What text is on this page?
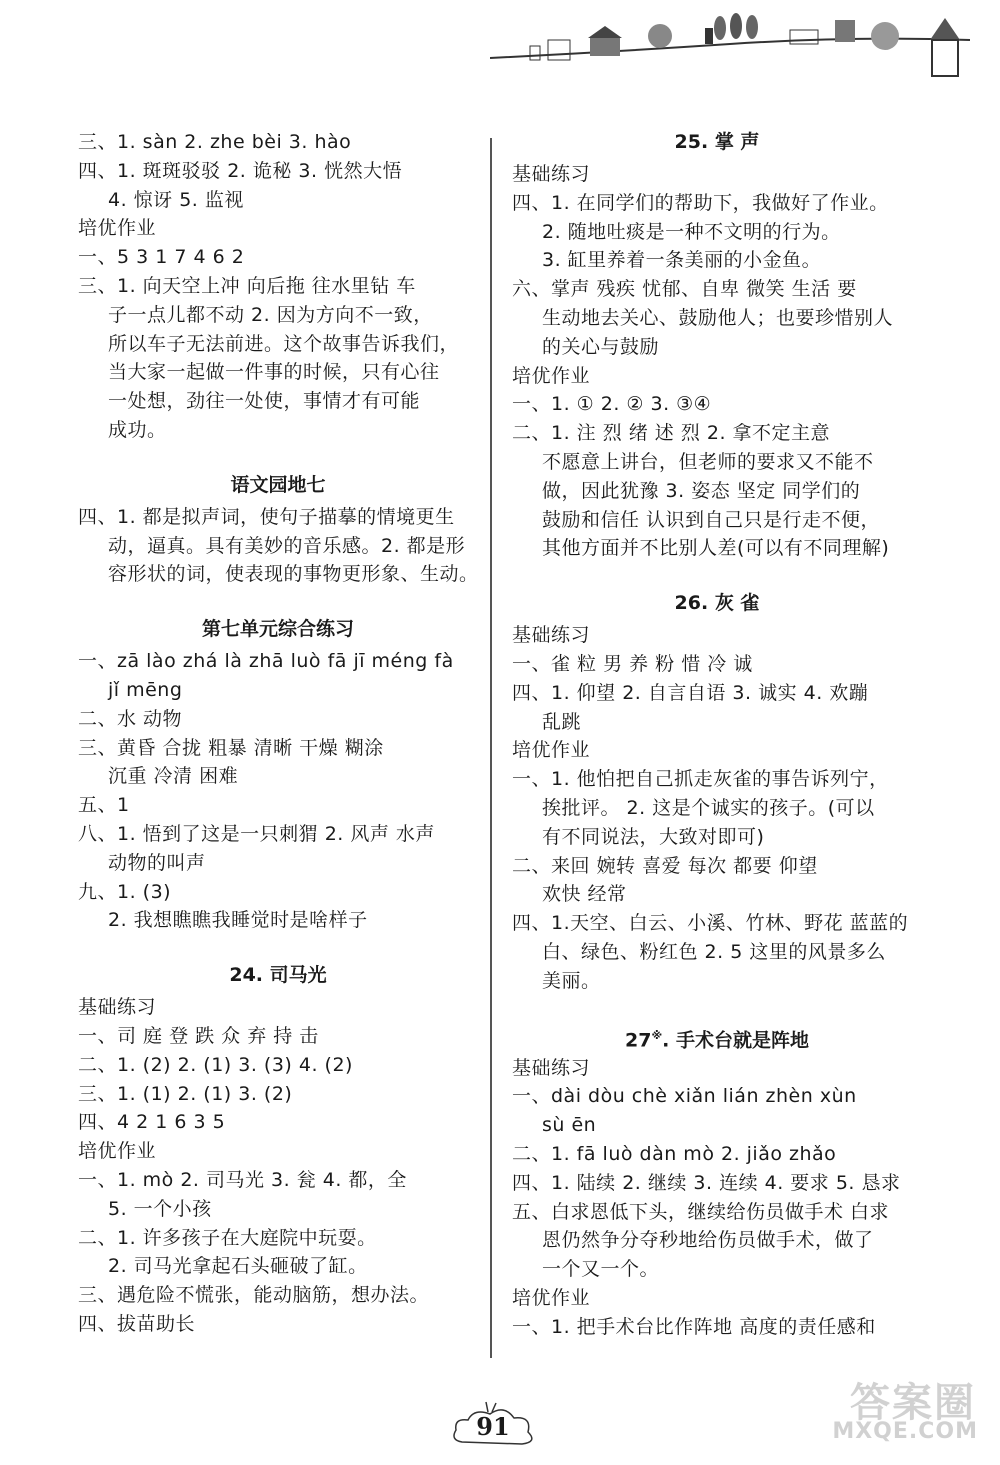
三、1. sàn 2. zhe bèi 3. hào
四、1. 斑斑驳驳 2. 诡秘 3. 恍然大悟
4. 惊讶 5. 监视
培优作业
一、5 3 1 7 4 6 2
三、1. 向天空上冲 向后拖 往水里钻 车
子一点儿都不动 2. 因为方向不一致，
所以车子无法前进。这个故事告诉我们，
当大家一起做一件事的时候，只有心往
一处想，劲往一处使，事情才有可能
成功。
语文园地七
四、1. 都是拟声词，使句子描摹的情境更生
动，逼真。具有美妙的音乐感。2. 都是形
容形状的词，使表现的事物更形象、生动。
第七单元综合练习
一、zā lào zhá là zhā luò fā jī méng fà
jǐ mēng
二、水 动物
三、黄昏 合拢 粗暴 清晰 干燥 糊涂
沉重 冷清 困难
五、1
八、1. 悟到了这是一只刺猬 2. 风声 水声
动物的叫声
九、1. (3)
2. 我想瞧瞧我睡觉时是啥样子
24. 司马光
基础练习
一、司 庭 登 跌 众 弃 持 击
二、1. (2) 2. (1) 3. (3) 4. (2)
三、1. (1) 2. (1) 3. (2)
四、4 2 1 6 3 5
培优作业
一、1. mò 2. 司马光 3. 瓮 4. 都，全
5. 一个小孩
二、1. 许多孩子在大庭院中玩耍。
2. 司马光拿起石头砸破了缸。
三、遇危险不慌张，能动脑筋，想办法。
四、拔苗助长
25. 掌 声
基础练习
四、1. 在同学们的帮助下，我做好了作业。
2. 随地吐痰是一种不文明的行为。
3. 缸里养着一条美丽的小金鱼。
六、掌声 残疾 忧郁、自卑 微笑 生活 要
生动地去关心、鼓励他人；也要珍惜别人
的关心与鼓励
培优作业
一、1. ① 2. ② 3. ③④
二、1. 注 烈 绪 述 烈 2. 拿不定主意
不愿意上讲台，但老师的要求又不能不
做，因此犹豫 3. 姿态 坚定 同学们的
鼓励和信任 认识到自己只是行走不便，
其他方面并不比别人差(可以有不同理解)
26. 灰 雀
基础练习
一、雀 粒 男 养 粉 惜 冷 诚
四、1. 仰望 2. 自言自语 3. 诚实 4. 欢蹦
乱跳
培优作业
一、1. 他怕把自己抓走灰雀的事告诉列宁，
挨批评。 2. 这是个诚实的孩子。(可以
有不同说法，大致对即可)
二、来回 婉转 喜爱 每次 都要 仰望
欢快 经常
四、1.天空、白云、小溪、竹林、野花 蓝蓝的
白、绿色、粉红色 2. 5 这里的风景多么
美丽。
27※. 手术台就是阵地
基础练习
一、dài dòu chè xiǎn lián zhèn xùn
sù ēn
二、1. fā luò dàn mò 2. jiǎo zhǎo
四、1. 陆续 2. 继续 3. 连续 4. 要求 5. 恳求
五、白求恩低下头，继续给伤员做手术 白求
恩仍然争分夺秒地给伤员做手术，做了
一个又一个。
培优作业
一、1. 把手术台比作阵地 高度的责任感和
91
答案圈
MXQE.COM
